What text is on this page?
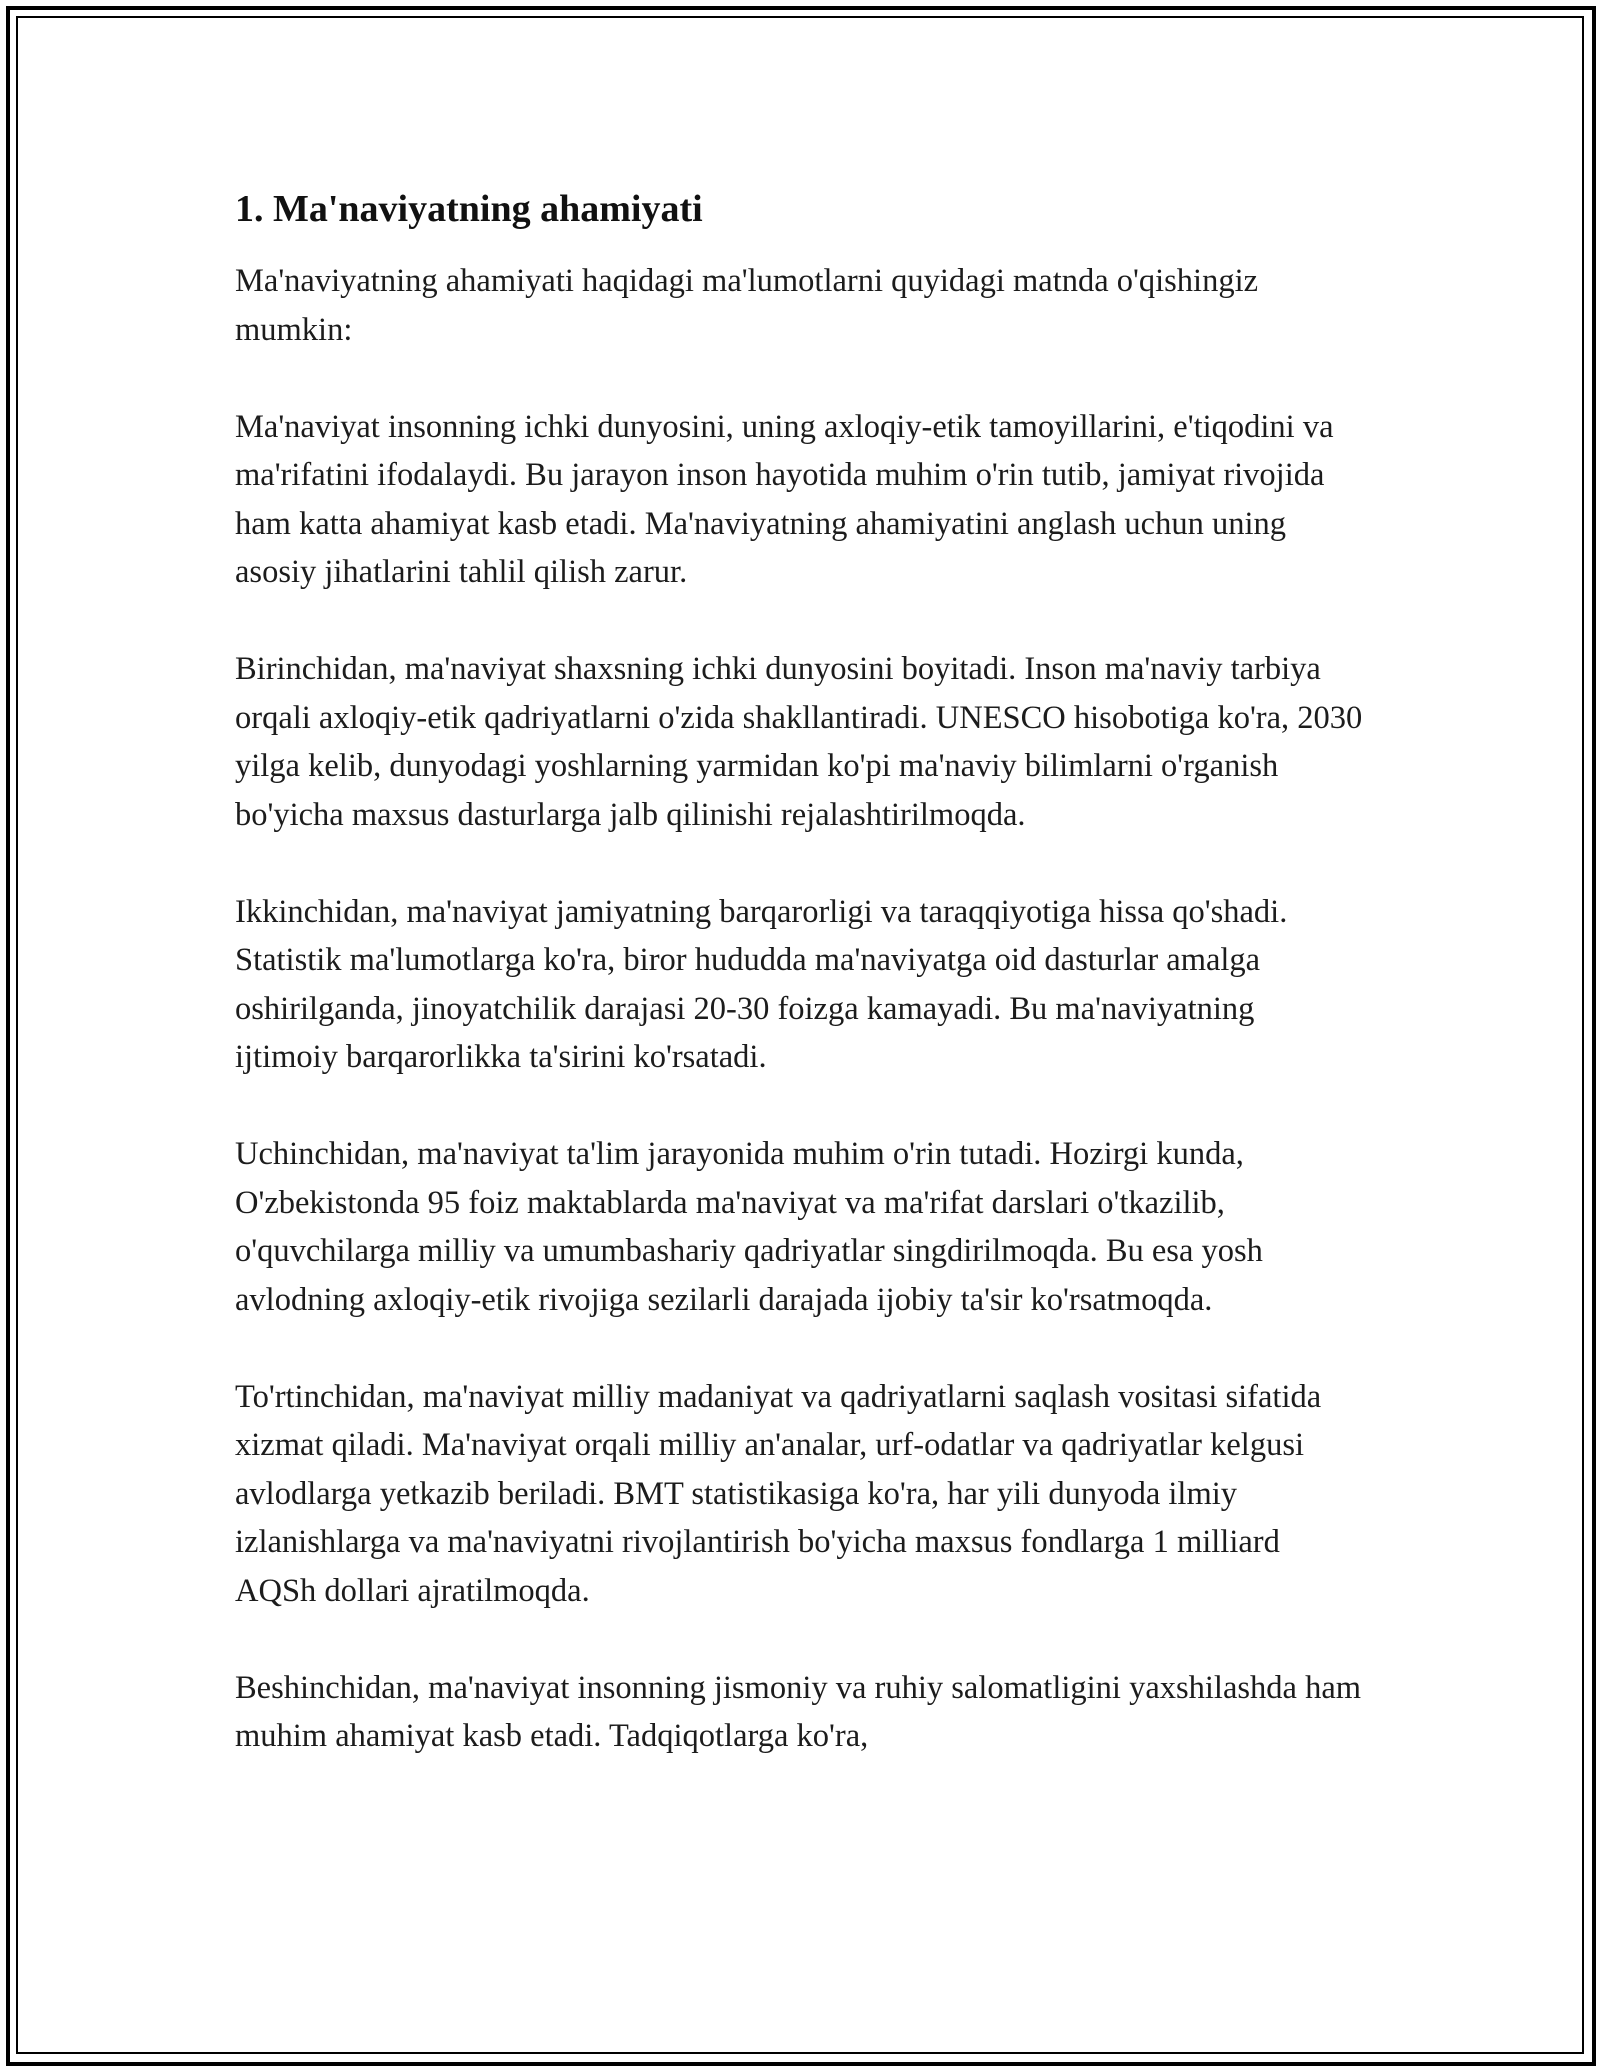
1. Ma'naviyatning ahamiyati

Ma'naviyatning ahamiyati haqidagi ma'lumotlarni quyidagi matnda o'qishingiz mumkin:

Ma'naviyat insonning ichki dunyosini, uning axloqiy-etik tamoyillarini, e'tiqodini va ma'rifatini ifodalaydi. Bu jarayon inson hayotida muhim o'rin tutib, jamiyat rivojida ham katta ahamiyat kasb etadi. Ma'naviyatning ahamiyatini anglash uchun uning asosiy jihatlarini tahlil qilish zarur.

Birinchidan, ma'naviyat shaxsning ichki dunyosini boyitadi. Inson ma'naviy tarbiya orqali axloqiy-etik qadriyatlarni o'zida shakllantiradi. UNESCO hisobotiga ko'ra, 2030 yilga kelib, dunyodagi yoshlarning yarmidan ko'pi ma'naviy bilimlarni o'rganish bo'yicha maxsus dasturlarga jalb qilinishi rejalashtirilmoqda.

Ikkinchidan, ma'naviyat jamiyatning barqarorligi va taraqqiyotiga hissa qo'shadi. Statistik ma'lumotlarga ko'ra, biror hududda ma'naviyatga oid dasturlar amalga oshirilganda, jinoyatchilik darajasi 20-30 foizga kamayadi. Bu ma'naviyatning ijtimoiy barqarorlikka ta'sirini ko'rsatadi.

Uchinchidan, ma'naviyat ta'lim jarayonida muhim o'rin tutadi. Hozirgi kunda, O'zbekistonda 95 foiz maktablarda ma'naviyat va ma'rifat darslari o'tkazilib, o'quvchilarga milliy va umumbashariy qadriyatlar singdirilmoqda. Bu esa yosh avlodning axloqiy-etik rivojiga sezilarli darajada ijobiy ta'sir ko'rsatmoqda.

To'rtinchidan, ma'naviyat milliy madaniyat va qadriyatlarni saqlash vositasi sifatida xizmat qiladi. Ma'naviyat orqali milliy an'analar, urf-odatlar va qadriyatlar kelgusi avlodlarga yetkazib beriladi. BMT statistikasiga ko'ra, har yili dunyoda ilmiy izlanishlarga va ma'naviyatni rivojlantirish bo'yicha maxsus fondlarga 1 milliard AQSh dollari ajratilmoqda.

Beshinchidan, ma'naviyat insonning jismoniy va ruhiy salomatligini yaxshilashda ham muhim ahamiyat kasb etadi. Tadqiqotlarga ko'ra,
